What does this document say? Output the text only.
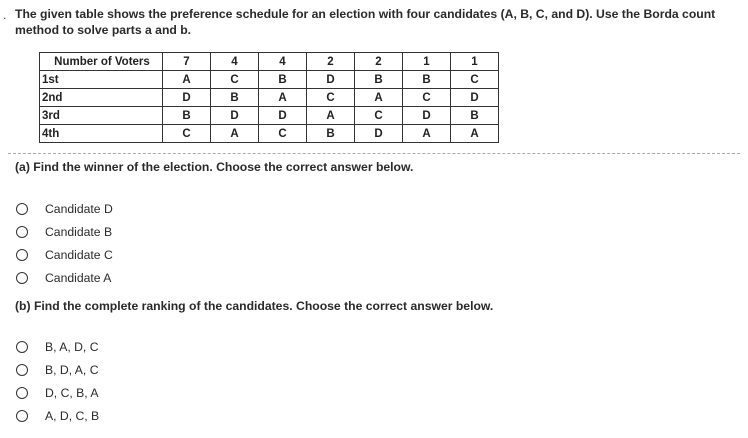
. The given table shows the preference schedule for an election with four candidates (A, B, C, and D). Use the Borda count method to solve parts a and b.
Number of Voters	7	4	4	2	2	1	1
1st	A	C	B	D	B	B	C
2nd	D	B	A	C	A	C	D
3rd	B	D	D	A	C	D	B
4th	C	A	C	B	D	A	A
(a) Find the winner of the election. Choose the correct answer below.
Candidate D
Candidate B
Candidate C
Candidate A
(b) Find the complete ranking of the candidates. Choose the correct answer below.
B, A, D, C
B, D, A, C
D, C, B, A
A, D, C, B
